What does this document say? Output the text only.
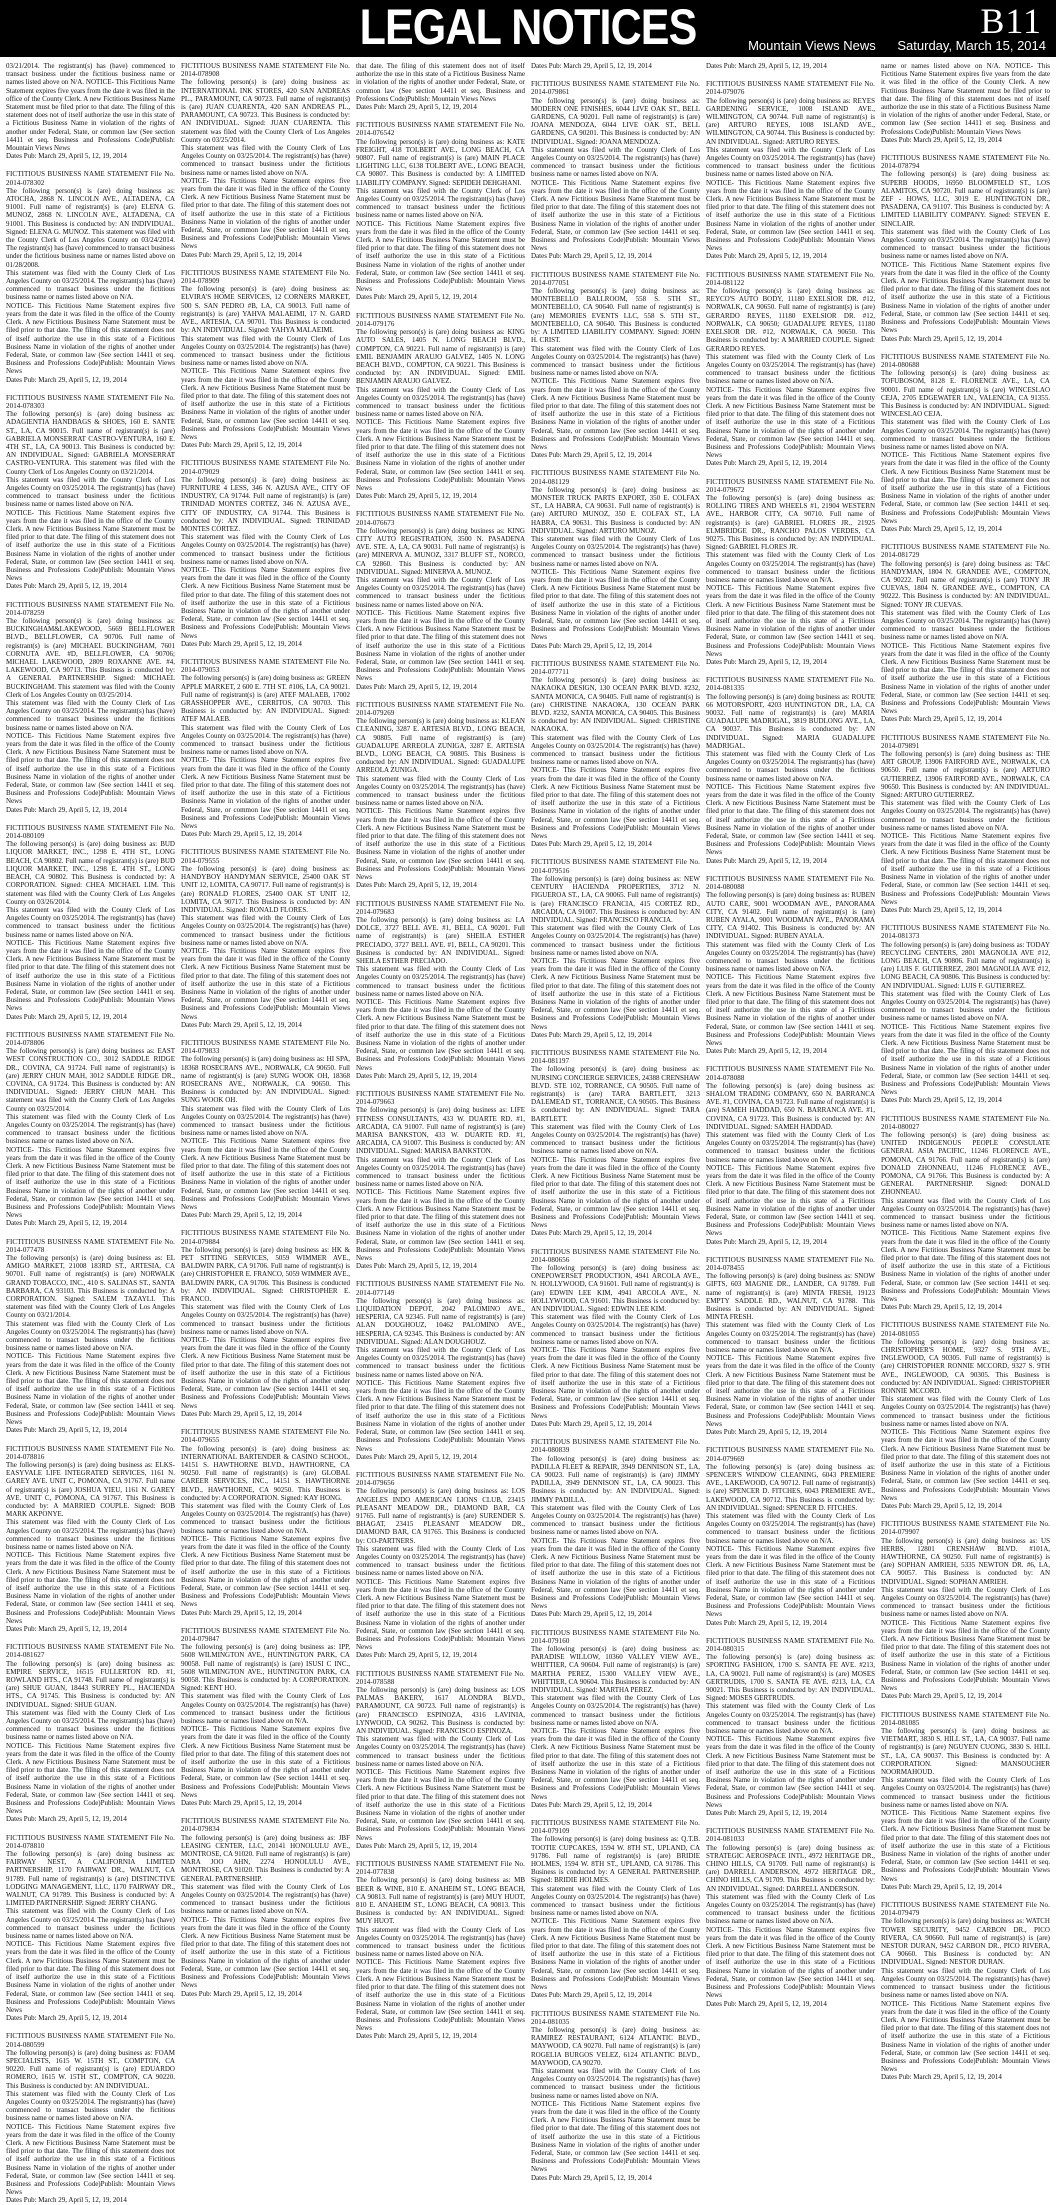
LEGAL NOTICES	B11
Mountain Views News Saturday, March 15, 2014

03/21/2014. The registrant(s) has (have) commenced to transact business under the fictitious business name or names listed above on N/A. NOTICE- This Fictitious Name Statement expires five years from the date it was filed in the office of the County Clerk. A new Fictitious Business Name Statement must be filed prior to that date. The filing of this statement does not of itself authorize the use in this state of a Fictitious Business Name in violation of the rights of another under Federal, State, or common law (See section 14411 et seq. Business and Professions Code)Publish: Mountain Views News
Dates Pub: March 29, April 5, 12, 19, 2014

FICTITIOUS BUSINESS NAME STATEMENT File No. 2014-078302

The following person(s) is (are) doing business as: ATOCHA, 2868 N. LINCOLN AVE., ALTADENA, CA 91001. Full name of registrant(s) is (are) ELENA G. MUNOZ, 2868 N. LINCOLN AVE., ALTADENA, CA 91001. This Business is conducted by: AN INDIVIDUAL. Signed: ELENA G. MUNOZ. This statement was filed with the County Clerk of Los Angeles County on 03/24/2014. The registrant(s) has (have) commenced to transact business under the fictitious business name or names listed above on 01/28/2008.

This statement was filed with the County Clerk of Los Angeles County on 03/25/2014. The registrant(s) has (have) commenced to transact business under the fictitious business name or names listed above on N/A.

NOTICE- This Fictitious Name Statement expires five years from the date it was filed in the office of the County Clerk. A new Fictitious Business Name Statement must be filed prior to that date. The filing of this statement does not of itself authorize the use in this state of a Fictitious Business Name in violation of the rights of another under Federal, State, or common law (See section 14411 et seq. Business and Professions Code)Publish: Mountain Views News

Dates Pub: March 29, April 5, 12, 19, 2014

FICTITIOUS BUSINESS NAME STATEMENT File No. 2014-078303

The following person(s) is (are) doing business as: ADAGIENTIA HANDBAGS & SHOES, 160 E. SANTE ST., LA, CA 90015. Full name of registrant(s) is (are) GABRIELA MONSERRAT CASTRO-VENTURA, 160 E. 4TH ST., LA, CA 90013. This Business is conducted by: AN INDIVIDUAL. Signed: GABRIELA MONSERRAT CASTRO-VENTURA. This statement was filed with the County Clerk of Los Angeles County on 03/21/2014.

This statement was filed with the County Clerk of Los Angeles County on 03/25/2014. The registrant(s) has (have) commenced to transact business under the fictitious business name or names listed above on N/A.

NOTICE- This Fictitious Name Statement expires five years from the date it was filed in the office of the County Clerk. A new Fictitious Business Name Statement must be filed prior to that date. The filing of this statement does not of itself authorize the use in this state of a Fictitious Business Name in violation of the rights of another under Federal, State, or common law (See section 14411 et seq. Business and Professions Code)Publish: Mountain Views News

Dates Pub: March 29, April 5, 12, 19, 2014

FICTITIOUS BUSINESS NAME STATEMENT File No. 2014-078259

The following person(s) is (are) doing business as: BUCKINGHAM&LAKEWOOD, 5669 BELLFLOWER BLVD., BELLFLOWER, CA 90706. Full name of registrant(s) is (are) MICHAEL BUCKINGHAM, 7601 CORNUTA AVE. #D, BELLFLOWER, CA 90706; MICHAEL LAKEWOOD, 2809 ROXANNE AVE. #4, LAKEWOOD, CA 90713. This Business is conducted by: A GENERAL PARTNERSHIP. Signed: MICHAEL BUCKINGHAM. This statement was filed with the County Clerk of Los Angeles County on 03/25/2014.

This statement was filed with the County Clerk of Los Angeles County on 03/25/2014. The registrant(s) has (have) commenced to transact business under the fictitious business name or names listed above on N/A.

NOTICE- This Fictitious Name Statement expires five years from the date it was filed in the office of the County Clerk. A new Fictitious Business Name Statement must be filed prior to that date. The filing of this statement does not of itself authorize the use in this state of a Fictitious Business Name in violation of the rights of another under Federal, State, or common law (See section 14411 et seq. Business and Professions Code)Publish: Mountain Views News

Dates Pub: March 29, April 5, 12, 19, 2014

FICTITIOUS BUSINESS NAME STATEMENT File No. 2014-080109

The following person(s) is (are) doing business as: BUD LIQUOR MARKET, INC., 1298 E. 4TH ST., LONG BEACH, CA 90802. Full name of registrant(s) is (are) BUD LIQUOR MARKET, INC., 1298 E. 4TH ST., LONG BEACH, CA 90802. This Business is conducted by: A CORPORATION. Signed: CHEA MICHAEL LIM. This statement was filed with the County Clerk of Los Angeles County on 03/26/2014.

This statement was filed with the County Clerk of Los Angeles County on 03/25/2014. The registrant(s) has (have) commenced to transact business under the fictitious business name or names listed above on N/A.

NOTICE- This Fictitious Name Statement expires five years from the date it was filed in the office of the County Clerk. A new Fictitious Business Name Statement must be filed prior to that date. The filing of this statement does not of itself authorize the use in this state of a Fictitious Business Name in violation of the rights of another under Federal, State, or common law (See section 14411 et seq. Business and Professions Code)Publish: Mountain Views News

Dates Pub: March 29, April 5, 12, 19, 2014

FICTITIOUS BUSINESS NAME STATEMENT File No. 2014-078806

The following person(s) is (are) doing business as: EAST WEST CONSTRUCTION CO., 3012 SADDLE RIDGE DR., COVINA, CA 91724. Full name of registrant(s) is (are) JERRY CHUN MAH, 3012 SADDLE RIDGE DR., COVINA, CA 91724. This Business is conducted by: AN INDIVIDUAL. Signed: JERRY CHUN MAH. This statement was filed with the County Clerk of Los Angeles County on 03/25/2014.

This statement was filed with the County Clerk of Los Angeles County on 03/25/2014. The registrant(s) has (have) commenced to transact business under the fictitious business name or names listed above on N/A.

NOTICE- This Fictitious Name Statement expires five years from the date it was filed in the office of the County Clerk. A new Fictitious Business Name Statement must be filed prior to that date. The filing of this statement does not of itself authorize the use in this state of a Fictitious Business Name in violation of the rights of another under Federal, State, or common law (See section 14411 et seq. Business and Professions Code)Publish: Mountain Views News

Dates Pub: March 29, April 5, 12, 19, 2014

FICTITIOUS BUSINESS NAME STATEMENT File No. 2014-077478

The following person(s) is (are) doing business as: EL AMIGO MARKET, 21008 183RD ST., ARTESIA, CA 90701. Full name of registrant(s) is (are) NORWALK GRAND TOBACCO, INC., 410 S. SALINAS ST., SANTA BARBARA, CA 93103. This Business is conducted by: A CORPORATION. Signed: SALEM TAZAYLI. This statement was filed with the County Clerk of Los Angeles County on 03/21/2014.

This statement was filed with the County Clerk of Los Angeles County on 03/25/2014. The registrant(s) has (have) commenced to transact business under the fictitious business name or names listed above on N/A.

NOTICE- This Fictitious Name Statement expires five years from the date it was filed in the office of the County Clerk. A new Fictitious Business Name Statement must be filed prior to that date. The filing of this statement does not of itself authorize the use in this state of a Fictitious Business Name in violation of the rights of another under Federal, State, or common law (See section 14411 et seq. Business and Professions Code)Publish: Mountain Views News

Dates Pub: March 29, April 5, 12, 19, 2014

FICTITIOUS BUSINESS NAME STATEMENT File No. 2014-078816

The following person(s) is (are) doing business as: ELKS-EASYVALE LIFE INTEGRATED SERVICES, 1161 N. GAREY AVE. UNIT C, POMONA, CA 91767. Full name of registrant(s) is (are) JOSHUA YIEU, 1161 N. GAREY AVE. UNIT C, POMONA, CA 91767. This Business is conducted by: A MARRIED COUPLE. Signed: BOB MARK AKPONYE.

This statement was filed with the County Clerk of Los Angeles County on 03/25/2014. The registrant(s) has (have) commenced to transact business under the fictitious business name or names listed above on N/A.

NOTICE- This Fictitious Name Statement expires five years from the date it was filed in the office of the County Clerk. A new Fictitious Business Name Statement must be filed prior to that date. The filing of this statement does not of itself authorize the use in this state of a Fictitious Business Name in violation of the rights of another under Federal, State, or common law (See section 14411 et seq. Business and Professions Code)Publish: Mountain Views News

Dates Pub: March 29, April 5, 12, 19, 2014

FICTITIOUS BUSINESS NAME STATEMENT File No. 2014-081627

The following person(s) is (are) doing business as: EMPIRE SERVICE, 16515 FULLERTON RD. #1, ROWLAND HTS., CA 91748. Full name of registrant(s) is (are) SHUE GUAN, 18443 SURREY PL., HACIENDA HTS., CA 91745. This Business is conducted by: AN INDIVIDUAL. Signed: SHUE GUAN.

This statement was filed with the County Clerk of Los Angeles County on 03/25/2014. The registrant(s) has (have) commenced to transact business under the fictitious business name or names listed above on N/A.

NOTICE- This Fictitious Name Statement expires five years from the date it was filed in the office of the County Clerk. A new Fictitious Business Name Statement must be filed prior to that date. The filing of this statement does not of itself authorize the use in this state of a Fictitious Business Name in violation of the rights of another under Federal, State, or common law (See section 14411 et seq. Business and Professions Code)Publish: Mountain Views News

Dates Pub: March 29, April 5, 12, 19, 2014

FICTITIOUS BUSINESS NAME STATEMENT File No. 2014-078810

The following person(s) is (are) doing business as: FAIRWAY NEST, A CALIFORNIA LIMITED PARTNERSHIP, 1170 FAIRWAY DR., WALNUT, CA 91789. Full name of registrant(s) is (are) DISTINCTIVE LODGING MANAGEMENT, LLC, 1170 FAIRWAY DR., WALNUT, CA 91789. This Business is conducted by: A LIMITED PARTNERSHIP. Signed: JERRY CHANG.

This statement was filed with the County Clerk of Los Angeles County on 03/25/2014. The registrant(s) has (have) commenced to transact business under the fictitious business name or names listed above on N/A.

NOTICE- This Fictitious Name Statement expires five years from the date it was filed in the office of the County Clerk. A new Fictitious Business Name Statement must be filed prior to that date. The filing of this statement does not of itself authorize the use in this state of a Fictitious Business Name in violation of the rights of another under Federal, State, or common law (See section 14411 et seq. Business and Professions Code)Publish: Mountain Views News

Dates Pub: March 29, April 5, 12, 19, 2014

FICTITIOUS BUSINESS NAME STATEMENT File No. 2014-080599

The following person(s) is (are) doing business as: FOAM SPECIALISTS, 1615 W. 15TH ST., COMPTON, CA 90220. Full name of registrant(s) is (are) EDUARDO ROMERO, 1615 W. 15TH ST., COMPTON, CA 90220. This Business is conducted by: AN INDIVIDUAL.

This statement was filed with the County Clerk of Los Angeles County on 03/25/2014. The registrant(s) has (have) commenced to transact business under the fictitious business name or names listed above on N/A.

NOTICE- This Fictitious Name Statement expires five years from the date it was filed in the office of the County Clerk. A new Fictitious Business Name Statement must be filed prior to that date. The filing of this statement does not of itself authorize the use in this state of a Fictitious Business Name in violation of the rights of another under Federal, State, or common law (See section 14411 et seq. Business and Professions Code)Publish: Mountain Views News

Dates Pub: March 29, April 5, 12, 19, 2014

FICTITIOUS BUSINESS NAME STATEMENT File No. 2014-078908

The following person(s) is (are) doing business as: INTERNATIONAL INK STORES, 420 SAN ANDREAS PL., PARAMOUNT, CA 90723. Full name of registrant(s) is (are) JUAN CUARENTA, 420 SAN ANDREAS PL., PARAMOUNT, CA 90723. This Business is conducted by: AN INDIVIDUAL. Signed: JUAN CUARENTA. This statement was filed with the County Clerk of Los Angeles County on 03/25/2014.

This statement was filed with the County Clerk of Los Angeles County on 03/25/2014. The registrant(s) has (have) commenced to transact business under the fictitious business name or names listed above on N/A.

NOTICE- This Fictitious Name Statement expires five years from the date it was filed in the office of the County Clerk. A new Fictitious Business Name Statement must be filed prior to that date. The filing of this statement does not of itself authorize the use in this state of a Fictitious Business Name in violation of the rights of another under Federal, State, or common law (See section 14411 et seq. Business and Professions Code)Publish: Mountain Views News

Dates Pub: March 29, April 5, 12, 19, 2014

FICTITIOUS BUSINESS NAME STATEMENT File No. 2014-078909

The following person(s) is (are) doing business as: ELVIRA'S HOME SERVICES, 12 CORNERS MARKET, 500 S. SAN PEDRO #B, LA, CA 90013. Full name of registrant(s) is (are) YAHVA MALAEIMI, 17 N. GARD AVE., ARTESIA, CA 90701. This Business is conducted by: AN INDIVIDUAL. Signed: YAHYA MALAEIMI.

This statement was filed with the County Clerk of Los Angeles County on 03/25/2014. The registrant(s) has (have) commenced to transact business under the fictitious business name or names listed above on N/A.

NOTICE- This Fictitious Name Statement expires five years from the date it was filed in the office of the County Clerk. A new Fictitious Business Name Statement must be filed prior to that date. The filing of this statement does not of itself authorize the use in this state of a Fictitious Business Name in violation of the rights of another under Federal, State, or common law (See section 14411 et seq. Business and Professions Code)Publish: Mountain Views News

Dates Pub: March 29, April 5, 12, 19, 2014

FICTITIOUS BUSINESS NAME STATEMENT File No. 2014-079029

The following person(s) is (are) doing business as: FURNITURE 4 LESS, 346 N. AZUSA AVE., CITY OF INDUSTRY, CA 91744. Full name of registrant(s) is (are) TRINIDAD MONTES CORTEZ, 346 N. AZUSA AVE., CITY OF INDUSTRY, CA 91744. This Business is conducted by: AN INDIVIDUAL. Signed: TRINIDAD MONTES CORTEZ.

This statement was filed with the County Clerk of Los Angeles County on 03/25/2014. The registrant(s) has (have) commenced to transact business under the fictitious business name or names listed above on N/A.

NOTICE- This Fictitious Name Statement expires five years from the date it was filed in the office of the County Clerk. A new Fictitious Business Name Statement must be filed prior to that date. The filing of this statement does not of itself authorize the use in this state of a Fictitious Business Name in violation of the rights of another under Federal, State, or common law (See section 14411 et seq. Business and Professions Code)Publish: Mountain Views News

Dates Pub: March 29, April 5, 12, 19, 2014

FICTITIOUS BUSINESS NAME STATEMENT File No. 2014-079053

The following person(s) is (are) doing business as: GREEN APPLE MARKET, 2 600 E. 7TH ST. #106, LA, CA 90021. Full name of registrant(s) is (are) ATEF MALAEB, 17002 GRASSHOPPER AVE., CERRITOS, CA 90703. This Business is conducted by: AN INDIVIDUAL. Signed: ATEF MALAEB.

This statement was filed with the County Clerk of Los Angeles County on 03/25/2014. The registrant(s) has (have) commenced to transact business under the fictitious business name or names listed above on N/A.

NOTICE- This Fictitious Name Statement expires five years from the date it was filed in the office of the County Clerk. A new Fictitious Business Name Statement must be filed prior to that date. The filing of this statement does not of itself authorize the use in this state of a Fictitious Business Name in violation of the rights of another under Federal, State, or common law (See section 14411 et seq. Business and Professions Code)Publish: Mountain Views News

Dates Pub: March 29, April 5, 12, 19, 2014

FICTITIOUS BUSINESS NAME STATEMENT File No. 2014-079555

The following person(s) is (are) doing business as: HANDYBOY HANDYMAN SERVICE, 25400 OAK ST UNIT 12, LOMITA, CA 90717. Full name of registrant(s) is (are) RONALD FLORES, 25400 OAK ST UNIT 12, LOMITA, CA 90717. This Business is conducted by: AN INDIVIDUAL. Signed: RONALD FLORES.

This statement was filed with the County Clerk of Los Angeles County on 03/25/2014. The registrant(s) has (have) commenced to transact business under the fictitious business name or names listed above on N/A.

NOTICE- This Fictitious Name Statement expires five years from the date it was filed in the office of the County Clerk. A new Fictitious Business Name Statement must be filed prior to that date. The filing of this statement does not of itself authorize the use in this state of a Fictitious Business Name in violation of the rights of another under Federal, State, or common law (See section 14411 et seq. Business and Professions Code)Publish: Mountain Views News

Dates Pub: March 29, April 5, 12, 19, 2014

FICTITIOUS BUSINESS NAME STATEMENT File No. 2014-079833

The following person(s) is (are) doing business as: HI SPA, 18368 ROSECRANS AVE., NORWALK, CA 90650. Full name of registrant(s) is (are) SUNG WOOK OH, 18368 ROSECRANS AVE., NORWALK, CA 90650. This Business is conducted by: AN INDIVIDUAL. Signed: SUNG WOOK OH.

This statement was filed with the County Clerk of Los Angeles County on 03/25/2014. The registrant(s) has (have) commenced to transact business under the fictitious business name or names listed above on N/A.

NOTICE- This Fictitious Name Statement expires five years from the date it was filed in the office of the County Clerk. A new Fictitious Business Name Statement must be filed prior to that date. The filing of this statement does not of itself authorize the use in this state of a Fictitious Business Name in violation of the rights of another under Federal, State, or common law (See section 14411 et seq. Business and Professions Code)Publish: Mountain Views News

Dates Pub: March 29, April 5, 12, 19, 2014

FICTITIOUS BUSINESS NAME STATEMENT File No. 2014-079884

The following person(s) is (are) doing business as: HK & PET SITTING SERVICES, 5059 WIMMER AVE., BALDWIN PARK, CA 91706. Full name of registrant(s) is (are) CHRISTOPHER E. FRANCO, 5059 WIMMER AVE., BALDWIN PARK, CA 91706. This Business is conducted by: AN INDIVIDUAL. Signed: CHRISTOPHER E. FRANCO.

This statement was filed with the County Clerk of Los Angeles County on 03/25/2014. The registrant(s) has (have) commenced to transact business under the fictitious business name or names listed above on N/A.

NOTICE- This Fictitious Name Statement expires five years from the date it was filed in the office of the County Clerk. A new Fictitious Business Name Statement must be filed prior to that date. The filing of this statement does not of itself authorize the use in this state of a Fictitious Business Name in violation of the rights of another under Federal, State, or common law (See section 14411 et seq. Business and Professions Code)Publish: Mountain Views News

Dates Pub: March 29, April 5, 12, 19, 2014

FICTITIOUS BUSINESS NAME STATEMENT File No. 2014-079655

The following person(s) is (are) doing business as: INTERNATIONAL BARTENDER & CASINO SCHOOL, 14151 S. HAWTHORNE BLVD., HAWTHORNE, CA 90250. Full name of registrant(s) is (are) GLOBAL CAREER SERVICES, INC., 14151 S. HAWTHORNE BLVD., HAWTHORNE, CA 90250. This Business is conducted by: A CORPORATION. Signed: KAY HONG.

This statement was filed with the County Clerk of Los Angeles County on 03/25/2014. The registrant(s) has (have) commenced to transact business under the fictitious business name or names listed above on N/A.

NOTICE- This Fictitious Name Statement expires five years from the date it was filed in the office of the County Clerk. A new Fictitious Business Name Statement must be filed prior to that date. The filing of this statement does not of itself authorize the use in this state of a Fictitious Business Name in violation of the rights of another under Federal, State, or common law (See section 14411 et seq. Business and Professions Code)Publish: Mountain Views News

Dates Pub: March 29, April 5, 12, 19, 2014

FICTITIOUS BUSINESS NAME STATEMENT File No. 2014-079847

The following person(s) is (are) doing business as: IPP, 5608 WILMINGTON AVE., HUNTINGTON PARK, CA 90058. Full name of registrant(s) is (are) ISUSI C INC., 5608 WILMINGTON AVE., HUNTINGTON PARK, CA 90058. This Business is conducted by: A CORPORATION. Signed: KENT HO.

This statement was filed with the County Clerk of Los Angeles County on 03/25/2014. The registrant(s) has (have) commenced to transact business under the fictitious business name or names listed above on N/A.

NOTICE- This Fictitious Name Statement expires five years from the date it was filed in the office of the County Clerk. A new Fictitious Business Name Statement must be filed prior to that date. The filing of this statement does not of itself authorize the use in this state of a Fictitious Business Name in violation of the rights of another under Federal, State, or common law (See section 14411 et seq. Business and Professions Code)Publish: Mountain Views News

Dates Pub: March 29, April 5, 12, 19, 2014

FICTITIOUS BUSINESS NAME STATEMENT File No. 2014-079834

The following person(s) is (are) doing business as: JBF LEASING CENTER, LLC, 20141 HONOLULU AVE., MONTROSE, CA 91020. Full name of registrant(s) is (are) NARA JOO AHN, 2274 HONOLULU AVE., MONTROSE, CA 91020. This Business is conducted by: A GENERAL PARTNERSHIP.

This statement was filed with the County Clerk of Los Angeles County on 03/25/2014. The registrant(s) has (have) commenced to transact business under the fictitious business name or names listed above on N/A.

NOTICE- This Fictitious Name Statement expires five years from the date it was filed in the office of the County Clerk. A new Fictitious Business Name Statement must be filed prior to that date. The filing of this statement does not of itself authorize the use in this state of a Fictitious Business Name in violation of the rights of another under Federal, State, or common law (See section 14411 et seq. Business and Professions Code)Publish: Mountain Views News

Dates Pub: March 29, April 5, 12, 19, 2014

that date. The filing of this statement does not of itself authorize the use in this state of a Fictitious Business Name in violation of the rights of another under Federal, State, or common law (See section 14411 et seq. Business and Professions Code)Publish: Mountain Views News
Dates Pub: March 29, April 5, 12, 19, 2014

FICTITIOUS BUSINESS NAME STATEMENT File No. 2014-076542

The following person(s) is (are) doing business as: KATE FREIGHT, 418 TOLBERT AVE., LONG BEACH, CA 90807. Full name of registrant(s) is (are) MAIN PLACE LIGHTING LLC, 6138 TOLBERT AVE., LONG BEACH, CA 90807. This Business is conducted by: A LIMITED LIABILITY COMPANY. Signed: SEPIDEH DEHGHANI.

This statement was filed with the County Clerk of Los Angeles County on 03/25/2014. The registrant(s) has (have) commenced to transact business under the fictitious business name or names listed above on N/A.

NOTICE- This Fictitious Name Statement expires five years from the date it was filed in the office of the County Clerk. A new Fictitious Business Name Statement must be filed prior to that date. The filing of this statement does not of itself authorize the use in this state of a Fictitious Business Name in violation of the rights of another under Federal, State, or common law (See section 14411 et seq. Business and Professions Code)Publish: Mountain Views News

Dates Pub: March 29, April 5, 12, 19, 2014

FICTITIOUS BUSINESS NAME STATEMENT File No. 2014-079176

The following person(s) is (are) doing business as: KING AUTO SALES, 1405 N. LONG BEACH BLVD., COMPTON, CA 90221. Full name of registrant(s) is (are) EMIL BENJAMIN ARAUJO GALVEZ, 1405 N. LONG BEACH BLVD., COMPTON, CA 90221. This Business is conducted by: AN INDIVIDUAL. Signed: EMIL BENJAMIN ARAUJO GALVEZ.

This statement was filed with the County Clerk of Los Angeles County on 03/25/2014. The registrant(s) has (have) commenced to transact business under the fictitious business name or names listed above on N/A.

NOTICE- This Fictitious Name Statement expires five years from the date it was filed in the office of the County Clerk. A new Fictitious Business Name Statement must be filed prior to that date. The filing of this statement does not of itself authorize the use in this state of a Fictitious Business Name in violation of the rights of another under Federal, State, or common law (See section 14411 et seq. Business and Professions Code)Publish: Mountain Views News

Dates Pub: March 29, April 5, 12, 19, 2014

FICTITIOUS BUSINESS NAME STATEMENT File No. 2014-076673

The following person(s) is (are) doing business as: KING CITY AUTO REGISTRATION, 3500 N. PASADENA AVE. STE. A, LA, CA 90031. Full name of registrant(s) is (are) MINERVA A. MUNOZ, 3317 BLUFF ST., NORCO, CA 92860. This Business is conducted by: AN INDIVIDUAL. Signed: MINERVA A. MUNOZ.

This statement was filed with the County Clerk of Los Angeles County on 03/25/2014. The registrant(s) has (have) commenced to transact business under the fictitious business name or names listed above on N/A.

NOTICE- This Fictitious Name Statement expires five years from the date it was filed in the office of the County Clerk. A new Fictitious Business Name Statement must be filed prior to that date. The filing of this statement does not of itself authorize the use in this state of a Fictitious Business Name in violation of the rights of another under Federal, State, or common law (See section 14411 et seq. Business and Professions Code)Publish: Mountain Views News

Dates Pub: March 29, April 5, 12, 19, 2014

FICTITIOUS BUSINESS NAME STATEMENT File No. 2014-079269

The following person(s) is (are) doing business as: KLEAN CLEANING, 3287 E. ARTESIA BLVD., LONG BEACH, CA 90805. Full name of registrant(s) is (are) GUADALUPE ARREOLA ZUNIGA, 3287 E. ARTESIA BLVD., LONG BEACH, CA 90805. This Business is conducted by: AN INDIVIDUAL. Signed: GUADALUPE ARREOLA ZUNIGA.

This statement was filed with the County Clerk of Los Angeles County on 03/25/2014. The registrant(s) has (have) commenced to transact business under the fictitious business name or names listed above on N/A.

NOTICE- This Fictitious Name Statement expires five years from the date it was filed in the office of the County Clerk. A new Fictitious Business Name Statement must be filed prior to that date. The filing of this statement does not of itself authorize the use in this state of a Fictitious Business Name in violation of the rights of another under Federal, State, or common law (See section 14411 et seq. Business and Professions Code)Publish: Mountain Views News

Dates Pub: March 29, April 5, 12, 19, 2014

FICTITIOUS BUSINESS NAME STATEMENT File No. 2014-079683

The following person(s) is (are) doing business as: LA DOLCE, 3727 BELL AVE. #1, BELL, CA 90201. Full name of registrant(s) is (are) SHEILA ESTHER PRECIADO, 3727 BELL AVE. #1, BELL, CA 90201. This Business is conducted by: AN INDIVIDUAL. Signed: SHEILA ESTHER PRECIADO.

This statement was filed with the County Clerk of Los Angeles County on 03/25/2014. The registrant(s) has (have) commenced to transact business under the fictitious business name or names listed above on N/A.

NOTICE- This Fictitious Name Statement expires five years from the date it was filed in the office of the County Clerk. A new Fictitious Business Name Statement must be filed prior to that date. The filing of this statement does not of itself authorize the use in this state of a Fictitious Business Name in violation of the rights of another under Federal, State, or common law (See section 14411 et seq. Business and Professions Code)Publish: Mountain Views News

Dates Pub: March 29, April 5, 12, 19, 2014

FICTITIOUS BUSINESS NAME STATEMENT File No. 2014-079663

The following person(s) is (are) doing business as: LIFE FITNESS CONSULTANTS, 433 W. DUARTE RD. #1, ARCADIA, CA 91007. Full name of registrant(s) is (are) MARISA BANKSTON, 433 W. DUARTE RD. #1, ARCADIA, CA 91007. This Business is conducted by: AN INDIVIDUAL. Signed: MARISA BANKSTON.

This statement was filed with the County Clerk of Los Angeles County on 03/25/2014. The registrant(s) has (have) commenced to transact business under the fictitious business name or names listed above on N/A.

NOTICE- This Fictitious Name Statement expires five years from the date it was filed in the office of the County Clerk. A new Fictitious Business Name Statement must be filed prior to that date. The filing of this statement does not of itself authorize the use in this state of a Fictitious Business Name in violation of the rights of another under Federal, State, or common law (See section 14411 et seq. Business and Professions Code)Publish: Mountain Views News

Dates Pub: March 29, April 5, 12, 19, 2014

FICTITIOUS BUSINESS NAME STATEMENT File No. 2014-077149

The following person(s) is (are) doing business as: LIQUIDATION DEPOT, 2042 PALOMINO AVE., HESPERIA, CA 92345. Full name of registrant(s) is (are) ALAN DOUGHOUZ, 10462 PALOMINO AVE., HESPERIA, CA 92345. This Business is conducted by: AN INDIVIDUAL. Signed: ALAN DOUGHOUZ.

This statement was filed with the County Clerk of Los Angeles County on 03/25/2014. The registrant(s) has (have) commenced to transact business under the fictitious business name or names listed above on N/A.

NOTICE- This Fictitious Name Statement expires five years from the date it was filed in the office of the County Clerk. A new Fictitious Business Name Statement must be filed prior to that date. The filing of this statement does not of itself authorize the use in this state of a Fictitious Business Name in violation of the rights of another under Federal, State, or common law (See section 14411 et seq. Business and Professions Code)Publish: Mountain Views News

Dates Pub: March 29, April 5, 12, 19, 2014

FICTITIOUS BUSINESS NAME STATEMENT File No. 2014-079656

The following person(s) is (are) doing business as: LOS ANGELES INDO AMERICAN LIONS CLUB, 23415 PLEASANT MEADOW DR., DIAMOND BAR, CA 91765. Full name of registrant(s) is (are) SURENDER S. BHAGAT, 23415 PLEASANT MEADOW DR., DIAMOND BAR, CA 91765. This Business is conducted by: CO-PARTNERS.

This statement was filed with the County Clerk of Los Angeles County on 03/25/2014. The registrant(s) has (have) commenced to transact business under the fictitious business name or names listed above on N/A.

NOTICE- This Fictitious Name Statement expires five years from the date it was filed in the office of the County Clerk. A new Fictitious Business Name Statement must be filed prior to that date. The filing of this statement does not of itself authorize the use in this state of a Fictitious Business Name in violation of the rights of another under Federal, State, or common law (See section 14411 et seq. Business and Professions Code)Publish: Mountain Views News

Dates Pub: March 29, April 5, 12, 19, 2014

FICTITIOUS BUSINESS NAME STATEMENT File No. 2014-078588

The following person(s) is (are) doing business as: LOS PALMAS BAKERY, 1617 ALONDRA BLVD., PARAMOUNT, CA 90723. Full name of registrant(s) is (are) FRANCISCO ESPINOZA, 4316 LAVINIA, LYNWOOD, CA 90262. This Business is conducted by: AN INDIVIDUAL. Signed: FRANCISCO ESPINOZA.

This statement was filed with the County Clerk of Los Angeles County on 03/25/2014. The registrant(s) has (have) commenced to transact business under the fictitious business name or names listed above on N/A.

NOTICE- This Fictitious Name Statement expires five years from the date it was filed in the office of the County Clerk. A new Fictitious Business Name Statement must be filed prior to that date. The filing of this statement does not of itself authorize the use in this state of a Fictitious Business Name in violation of the rights of another under Federal, State, or common law (See section 14411 et seq. Business and Professions Code)Publish: Mountain Views News

Dates Pub: March 29, April 5, 12, 19, 2014

FICTITIOUS BUSINESS NAME STATEMENT File No. 2014-077838

The following person(s) is (are) doing business as: MB BEER & WINE, 810 E. ANAHEIM ST., LONG BEACH, CA 90813. Full name of registrant(s) is (are) MUY HUOT, 810 E. ANAHEIM ST., LONG BEACH, CA 90813. This Business is conducted by: AN INDIVIDUAL. Signed: MUY HUOT.

This statement was filed with the County Clerk of Los Angeles County on 03/25/2014. The registrant(s) has (have) commenced to transact business under the fictitious business name or names listed above on N/A.

NOTICE- This Fictitious Name Statement expires five years from the date it was filed in the office of the County Clerk. A new Fictitious Business Name Statement must be filed prior to that date. The filing of this statement does not of itself authorize the use in this state of a Fictitious Business Name in violation of the rights of another under Federal, State, or common law (See section 14411 et seq. Business and Professions Code)Publish: Mountain Views News

Dates Pub: March 29, April 5, 12, 19, 2014

Dates Pub: March 29, April 5, 12, 19, 2014

FICTITIOUS BUSINESS NAME STATEMENT File No. 2014-079861

The following person(s) is (are) doing business as: MODERN ONE FINISHES, 6044 LIVE OAK ST., BELL GARDENS, CA 90201. Full name of registrant(s) is (are) JOANA MENDOZA, 6044 LIVE OAK ST., BELL GARDENS, CA 90201. This Business is conducted by: AN INDIVIDUAL. Signed: JOANA MENDOZA.

This statement was filed with the County Clerk of Los Angeles County on 03/25/2014. The registrant(s) has (have) commenced to transact business under the fictitious business name or names listed above on N/A.

NOTICE- This Fictitious Name Statement expires five years from the date it was filed in the office of the County Clerk. A new Fictitious Business Name Statement must be filed prior to that date. The filing of this statement does not of itself authorize the use in this state of a Fictitious Business Name in violation of the rights of another under Federal, State, or common law (See section 14411 et seq. Business and Professions Code)Publish: Mountain Views News

Dates Pub: March 29, April 5, 12, 19, 2014

FICTITIOUS BUSINESS NAME STATEMENT File No. 2014-077051

The following person(s) is (are) doing business as: MONTEBELLO BALLROOM, 558 S. 5TH ST., MONTEBELLO, CA 90640. Full name of registrant(s) is (are) MEMORIES EVENTS LLC, 558 S. 5TH ST., MONTEBELLO, CA 90640. This Business is conducted by: A LIMITED LIABILITY COMPANY. Signed: JOHN H. CRIST.

This statement was filed with the County Clerk of Los Angeles County on 03/25/2014. The registrant(s) has (have) commenced to transact business under the fictitious business name or names listed above on N/A.

NOTICE- This Fictitious Name Statement expires five years from the date it was filed in the office of the County Clerk. A new Fictitious Business Name Statement must be filed prior to that date. The filing of this statement does not of itself authorize the use in this state of a Fictitious Business Name in violation of the rights of another under Federal, State, or common law (See section 14411 et seq. Business and Professions Code)Publish: Mountain Views News

Dates Pub: March 29, April 5, 12, 19, 2014

FICTITIOUS BUSINESS NAME STATEMENT File No. 2014-081129

The following person(s) is (are) doing business as: MONSTER TRUCK PARTS EXPORT, 350 E. COLFAX ST., LA HABRA, CA 90631. Full name of registrant(s) is (are) ARTURO MUNOZ, 350 E. COLFAX ST., LA HABRA, CA 90631. This Business is conducted by: AN INDIVIDUAL. Signed: ARTURO MUNOZ.

This statement was filed with the County Clerk of Los Angeles County on 03/25/2014. The registrant(s) has (have) commenced to transact business under the fictitious business name or names listed above on N/A.

NOTICE- This Fictitious Name Statement expires five years from the date it was filed in the office of the County Clerk. A new Fictitious Business Name Statement must be filed prior to that date. The filing of this statement does not of itself authorize the use in this state of a Fictitious Business Name in violation of the rights of another under Federal, State, or common law (See section 14411 et seq. Business and Professions Code)Publish: Mountain Views News

Dates Pub: March 29, April 5, 12, 19, 2014

FICTITIOUS BUSINESS NAME STATEMENT File No. 2014-077711

The following person(s) is (are) doing business as: NAKAOKA DESIGN, 130 OCEAN PARK BLVD. #232, SANTA MONICA, CA 90405. Full name of registrant(s) is (are) CHRISTINE NAKAOKA, 130 OCEAN PARK BLVD. #232, SANTA MONICA, CA 90405. This Business is conducted by: AN INDIVIDUAL. Signed: CHRISTINE NAKAOKA.

This statement was filed with the County Clerk of Los Angeles County on 03/25/2014. The registrant(s) has (have) commenced to transact business under the fictitious business name or names listed above on N/A.

NOTICE- This Fictitious Name Statement expires five years from the date it was filed in the office of the County Clerk. A new Fictitious Business Name Statement must be filed prior to that date. The filing of this statement does not of itself authorize the use in this state of a Fictitious Business Name in violation of the rights of another under Federal, State, or common law (See section 14411 et seq. Business and Professions Code)Publish: Mountain Views News

Dates Pub: March 29, April 5, 12, 19, 2014

FICTITIOUS BUSINESS NAME STATEMENT File No. 2014-079516

The following person(s) is (are) doing business as: NEW CENTURY HACIENDA PROPERTIES, 3712 N. FIGUEROA ST., LA, CA 90065. Full name of registrant(s) is (are) FRANCISCO FRANCIA, 415 CORTEZ RD., ARCADIA, CA 91007. This Business is conducted by: AN INDIVIDUAL. Signed: FRANCISCO FRANCIA.

This statement was filed with the County Clerk of Los Angeles County on 03/25/2014. The registrant(s) has (have) commenced to transact business under the fictitious business name or names listed above on N/A.

NOTICE- This Fictitious Name Statement expires five years from the date it was filed in the office of the County Clerk. A new Fictitious Business Name Statement must be filed prior to that date. The filing of this statement does not of itself authorize the use in this state of a Fictitious Business Name in violation of the rights of another under Federal, State, or common law (See section 14411 et seq. Business and Professions Code)Publish: Mountain Views News

Dates Pub: March 29, April 5, 12, 19, 2014

FICTITIOUS BUSINESS NAME STATEMENT File No. 2014-081197

The following person(s) is (are) doing business as: NURSING CONCIERGE SERVICES, 24388 CRENSHAW BLVD. STE 102, TORRANCE, CA 90505. Full name of registrant(s) is (are) TARA BARTLETT, 3213 DALEMEAD ST., TORRANCE, CA 90505. This Business is conducted by: AN INDIVIDUAL. Signed: TARA BARTLETT.

This statement was filed with the County Clerk of Los Angeles County on 03/25/2014. The registrant(s) has (have) commenced to transact business under the fictitious business name or names listed above on N/A.

NOTICE- This Fictitious Name Statement expires five years from the date it was filed in the office of the County Clerk. A new Fictitious Business Name Statement must be filed prior to that date. The filing of this statement does not of itself authorize the use in this state of a Fictitious Business Name in violation of the rights of another under Federal, State, or common law (See section 14411 et seq. Business and Professions Code)Publish: Mountain Views News

Dates Pub: March 29, April 5, 12, 19, 2014

FICTITIOUS BUSINESS NAME STATEMENT File No. 2014-080656

The following person(s) is (are) doing business as: ONEPOWERSET PRODUCTION, 4941 ARCOLA AVE., N. HOLLYWOOD, CA 91601. Full name of registrant(s) is (are) EDWIN LEE KIM, 4941 ARCOLA AVE., N. HOLLYWOOD, CA 91601. This Business is conducted by: AN INDIVIDUAL. Signed: EDWIN LEE KIM.

This statement was filed with the County Clerk of Los Angeles County on 03/25/2014. The registrant(s) has (have) commenced to transact business under the fictitious business name or names listed above on N/A.

NOTICE- This Fictitious Name Statement expires five years from the date it was filed in the office of the County Clerk. A new Fictitious Business Name Statement must be filed prior to that date. The filing of this statement does not of itself authorize the use in this state of a Fictitious Business Name in violation of the rights of another under Federal, State, or common law (See section 14411 et seq. Business and Professions Code)Publish: Mountain Views News

Dates Pub: March 29, April 5, 12, 19, 2014

FICTITIOUS BUSINESS NAME STATEMENT File No. 2014-080839

The following person(s) is (are) doing business as: PADILLA FLEET & REPAIR, 3949 DENNISON ST., LA, CA 90023. Full name of registrant(s) is (are) JIMMY PADILLA, 3949 DENNISON ST., LA, CA 90023. This Business is conducted by: AN INDIVIDUAL. Signed: JIMMY PADILLA.

This statement was filed with the County Clerk of Los Angeles County on 03/25/2014. The registrant(s) has (have) commenced to transact business under the fictitious business name or names listed above on N/A.

NOTICE- This Fictitious Name Statement expires five years from the date it was filed in the office of the County Clerk. A new Fictitious Business Name Statement must be filed prior to that date. The filing of this statement does not of itself authorize the use in this state of a Fictitious Business Name in violation of the rights of another under Federal, State, or common law (See section 14411 et seq. Business and Professions Code)Publish: Mountain Views News

Dates Pub: March 29, April 5, 12, 19, 2014

FICTITIOUS BUSINESS NAME STATEMENT File No. 2014-079160

The following person(s) is (are) doing business as: PARADISE WILLOW, 10360 VALLEY VIEW AVE., WHITTIER, CA 90604. Full name of registrant(s) is (are) MARTHA PEREZ, 15300 VALLEY VIEW AVE., WHITTIER, CA 90604. This Business is conducted by: AN INDIVIDUAL. Signed: MARTHA PEREZ.

This statement was filed with the County Clerk of Los Angeles County on 03/25/2014. The registrant(s) has (have) commenced to transact business under the fictitious business name or names listed above on N/A.

NOTICE- This Fictitious Name Statement expires five years from the date it was filed in the office of the County Clerk. A new Fictitious Business Name Statement must be filed prior to that date. The filing of this statement does not of itself authorize the use in this state of a Fictitious Business Name in violation of the rights of another under Federal, State, or common law (See section 14411 et seq. Business and Professions Code)Publish: Mountain Views News

Dates Pub: March 29, April 5, 12, 19, 2014

FICTITIOUS BUSINESS NAME STATEMENT File No. 2014-079109

The following person(s) is (are) doing business as: Q.T.B. TOOTIE CUPCAKES, 1594 W. 8TH ST., UPLAND, CA 91786. Full name of registrant(s) is (are) BRIDIE HOLMES, 1594 W. 8TH ST., UPLAND, CA 91786. This Business is conducted by: A GENERAL PARTNERSHIP. Signed: BRIDIE HOLMES.

This statement was filed with the County Clerk of Los Angeles County on 03/25/2014. The registrant(s) has (have) commenced to transact business under the fictitious business name or names listed above on N/A.

NOTICE- This Fictitious Name Statement expires five years from the date it was filed in the office of the County Clerk. A new Fictitious Business Name Statement must be filed prior to that date. The filing of this statement does not of itself authorize the use in this state of a Fictitious Business Name in violation of the rights of another under Federal, State, or common law (See section 14411 et seq. Business and Professions Code)Publish: Mountain Views News

Dates Pub: March 29, April 5, 12, 19, 2014

FICTITIOUS BUSINESS NAME STATEMENT File No. 2014-081035

The following person(s) is (are) doing business as: RAMIREZ RESTAURANT, 6124 ATLANTIC BLVD., MAYWOOD, CA 90270. Full name of registrant(s) is (are) ROGELIA BURGOS VELEZ, 6124 ATLANTIC BLVD., MAYWOOD, CA 90270.

This statement was filed with the County Clerk of Los Angeles County on 03/25/2014. The registrant(s) has (have) commenced to transact business under the fictitious business name or names listed above on N/A.

NOTICE- This Fictitious Name Statement expires five years from the date it was filed in the office of the County Clerk. A new Fictitious Business Name Statement must be filed prior to that date. The filing of this statement does not of itself authorize the use in this state of a Fictitious Business Name in violation of the rights of another under Federal, State, or common law (See section 14411 et seq. Business and Professions Code)Publish: Mountain Views News

Dates Pub: March 29, April 5, 12, 19, 2014

Dates Pub: March 29, April 5, 12, 19, 2014

FICTITIOUS BUSINESS NAME STATEMENT File No. 2014-079076

The following person(s) is (are) doing business as: REYES GARDENING SERVICE, 1008 ISLAND AVE., WILMINGTON, CA 90744. Full name of registrant(s) is (are) ARTURO REYES, 1008 ISLAND AVE., WILMINGTON, CA 90744. This Business is conducted by: AN INDIVIDUAL. Signed: ARTURO REYES.

This statement was filed with the County Clerk of Los Angeles County on 03/25/2014. The registrant(s) has (have) commenced to transact business under the fictitious business name or names listed above on N/A.

NOTICE- This Fictitious Name Statement expires five years from the date it was filed in the office of the County Clerk. A new Fictitious Business Name Statement must be filed prior to that date. The filing of this statement does not of itself authorize the use in this state of a Fictitious Business Name in violation of the rights of another under Federal, State, or common law (See section 14411 et seq. Business and Professions Code)Publish: Mountain Views News

Dates Pub: March 29, April 5, 12, 19, 2014

FICTITIOUS BUSINESS NAME STATEMENT File No. 2014-081122

The following person(s) is (are) doing business as: REYCO'S AUTO BODY, 11180 EXELSIOR DR. #12, NORWALK, CA 90650. Full name of registrant(s) is (are) GERARDO REYES, 11180 EXELSIOR DR. #12, NORWALK, CA 90650; GUADALUPE REYES, 11180 EXELSIOR DR. #12, NORWALK, CA 90650. This Business is conducted by: A MARRIED COUPLE. Signed: GERARDO REYES.

This statement was filed with the County Clerk of Los Angeles County on 03/25/2014. The registrant(s) has (have) commenced to transact business under the fictitious business name or names listed above on N/A.

NOTICE- This Fictitious Name Statement expires five years from the date it was filed in the office of the County Clerk. A new Fictitious Business Name Statement must be filed prior to that date. The filing of this statement does not of itself authorize the use in this state of a Fictitious Business Name in violation of the rights of another under Federal, State, or common law (See section 14411 et seq. Business and Professions Code)Publish: Mountain Views News

Dates Pub: March 29, April 5, 12, 19, 2014

FICTITIOUS BUSINESS NAME STATEMENT File No. 2014-079672

The following person(s) is (are) doing business as: ROLLING TIRES AND WHEELS #1, 21904 WESTERN AVE., HARBOR CITY, CA 90710. Full name of registrant(s) is (are) GABRIEL FLORES JR., 21925 ELMBRIDGE DR., RANCHO PALOS VERDES, CA 90275. This Business is conducted by: AN INDIVIDUAL. Signed: GABRIEL FLORES JR.

This statement was filed with the County Clerk of Los Angeles County on 03/25/2014. The registrant(s) has (have) commenced to transact business under the fictitious business name or names listed above on N/A.

NOTICE- This Fictitious Name Statement expires five years from the date it was filed in the office of the County Clerk. A new Fictitious Business Name Statement must be filed prior to that date. The filing of this statement does not of itself authorize the use in this state of a Fictitious Business Name in violation of the rights of another under Federal, State, or common law (See section 14411 et seq. Business and Professions Code)Publish: Mountain Views News

Dates Pub: March 29, April 5, 12, 19, 2014

FICTITIOUS BUSINESS NAME STATEMENT File No. 2014-081335

The following person(s) is (are) doing business as: ROUTE 66 MOTORSPORT, 4203 HUNTINGTON DR., LA, CA 90032. Full name of registrant(s) is (are) MARIA GUADALUPE MADRIGAL, 3819 BUDLONG AVE., LA, CA 90037. This Business is conducted by: AN INDIVIDUAL. Signed: MARIA GUADALUPE MADRIGAL.

This statement was filed with the County Clerk of Los Angeles County on 03/25/2014. The registrant(s) has (have) commenced to transact business under the fictitious business name or names listed above on N/A.

NOTICE- This Fictitious Name Statement expires five years from the date it was filed in the office of the County Clerk. A new Fictitious Business Name Statement must be filed prior to that date. The filing of this statement does not of itself authorize the use in this state of a Fictitious Business Name in violation of the rights of another under Federal, State, or common law (See section 14411 et seq. Business and Professions Code)Publish: Mountain Views News

Dates Pub: March 29, April 5, 12, 19, 2014

FICTITIOUS BUSINESS NAME STATEMENT File No. 2014-080088

The following person(s) is (are) doing business as: RUBEN AUTO CARE, 9001 WOODMAN AVE., PANORAMA CITY, CA 91402. Full name of registrant(s) is (are) RUBEN AYALA, 9001 WOODMAN AVE., PANORAMA CITY, CA 91402. This Business is conducted by: AN INDIVIDUAL. Signed: RUBEN AYALA.

This statement was filed with the County Clerk of Los Angeles County on 03/25/2014. The registrant(s) has (have) commenced to transact business under the fictitious business name or names listed above on N/A.

NOTICE- This Fictitious Name Statement expires five years from the date it was filed in the office of the County Clerk. A new Fictitious Business Name Statement must be filed prior to that date. The filing of this statement does not of itself authorize the use in this state of a Fictitious Business Name in violation of the rights of another under Federal, State, or common law (See section 14411 et seq. Business and Professions Code)Publish: Mountain Views News

Dates Pub: March 29, April 5, 12, 19, 2014

FICTITIOUS BUSINESS NAME STATEMENT File No. 2014-078088

The following person(s) is (are) doing business as: SHALOM TRADING COMPANY, 650 N. BARRANCA AVE. #1, COVINA, CA 91723. Full name of registrant(s) is (are) SAMEH HADDAD, 650 N. BARRANCA AVE. #1, COVINA, CA 91723. This Business is conducted by: AN INDIVIDUAL. Signed: SAMEH HADDAD.

This statement was filed with the County Clerk of Los Angeles County on 03/25/2014. The registrant(s) has (have) commenced to transact business under the fictitious business name or names listed above on N/A.

NOTICE- This Fictitious Name Statement expires five years from the date it was filed in the office of the County Clerk. A new Fictitious Business Name Statement must be filed prior to that date. The filing of this statement does not of itself authorize the use in this state of a Fictitious Business Name in violation of the rights of another under Federal, State, or common law (See section 14411 et seq. Business and Professions Code)Publish: Mountain Views News

Dates Pub: March 29, April 5, 12, 19, 2014

FICTITIOUS BUSINESS NAME STATEMENT File No. 2014-078455

The following person(s) is (are) doing business as: SNOW GIFTS, 603 MAGNIE DR., LANDER, CA 91789. Full name of registrant(s) is (are) MINTA FRESH, 19123 EMPTY SADDLE RD., WALNUT, CA 91788. This Business is conducted by: AN INDIVIDUAL. Signed: MINTA FRESH.

This statement was filed with the County Clerk of Los Angeles County on 03/25/2014. The registrant(s) has (have) commenced to transact business under the fictitious business name or names listed above on N/A.

NOTICE- This Fictitious Name Statement expires five years from the date it was filed in the office of the County Clerk. A new Fictitious Business Name Statement must be filed prior to that date. The filing of this statement does not of itself authorize the use in this state of a Fictitious Business Name in violation of the rights of another under Federal, State, or common law (See section 14411 et seq. Business and Professions Code)Publish: Mountain Views News

Dates Pub: March 29, April 5, 12, 19, 2014

FICTITIOUS BUSINESS NAME STATEMENT File No. 2014-079669

The following person(s) is (are) doing business as: SPENCER'S WINDOW CLEANING, 6043 PREMIERE AVE., LAKEWOOD, CA 90712. Full name of registrant(s) is (are) SPENCER D. FITCHES, 6043 PREMIERE AVE., LAKEWOOD, CA 90712. This Business is conducted by: AN INDIVIDUAL. Signed: SPENCER D. FITCHES.

This statement was filed with the County Clerk of Los Angeles County on 03/25/2014. The registrant(s) has (have) commenced to transact business under the fictitious business name or names listed above on N/A.

NOTICE- This Fictitious Name Statement expires five years from the date it was filed in the office of the County Clerk. A new Fictitious Business Name Statement must be filed prior to that date. The filing of this statement does not of itself authorize the use in this state of a Fictitious Business Name in violation of the rights of another under Federal, State, or common law (See section 14411 et seq. Business and Professions Code)Publish: Mountain Views News

Dates Pub: March 29, April 5, 12, 19, 2014

FICTITIOUS BUSINESS NAME STATEMENT File No. 2014-080315

The following person(s) is (are) doing business as: SPORTING FASHION, 1700 S. SANTA FE AVE. #213, LA, CA 90021. Full name of registrant(s) is (are) MOSES GERTRUDIS, 1700 S. SANTA FE AVE. #213, LA, CA 90021. This Business is conducted by: AN INDIVIDUAL. Signed: MOSES GERTRUDIS.

This statement was filed with the County Clerk of Los Angeles County on 03/25/2014. The registrant(s) has (have) commenced to transact business under the fictitious business name or names listed above on N/A.

NOTICE- This Fictitious Name Statement expires five years from the date it was filed in the office of the County Clerk. A new Fictitious Business Name Statement must be filed prior to that date. The filing of this statement does not of itself authorize the use in this state of a Fictitious Business Name in violation of the rights of another under Federal, State, or common law (See section 14411 et seq. Business and Professions Code)Publish: Mountain Views News

Dates Pub: March 29, April 5, 12, 19, 2014

FICTITIOUS BUSINESS NAME STATEMENT File No. 2014-081033

The following person(s) is (are) doing business as: STRATEGIC AEROSPACE INTL, 4972 HERITAGE DR., CHINO HILLS, CA 91709. Full name of registrant(s) is (are) DARRELL ANDERSON, 4972 HERITAGE DR., CHINO HILLS, CA 91709. This Business is conducted by: AN INDIVIDUAL. Signed: DARRELL ANDERSON.

This statement was filed with the County Clerk of Los Angeles County on 03/25/2014. The registrant(s) has (have) commenced to transact business under the fictitious business name or names listed above on N/A.

NOTICE- This Fictitious Name Statement expires five years from the date it was filed in the office of the County Clerk. A new Fictitious Business Name Statement must be filed prior to that date. The filing of this statement does not of itself authorize the use in this state of a Fictitious Business Name in violation of the rights of another under Federal, State, or common law (See section 14411 et seq. Business and Professions Code)Publish: Mountain Views News

Dates Pub: March 29, April 5, 12, 19, 2014

name or names listed above on N/A. NOTICE- This Fictitious Name Statement expires five years from the date it was filed in the office of the County Clerk. A new Fictitious Business Name Statement must be filed prior to that date. The filing of this statement does not of itself authorize the use in this state of a Fictitious Business Name in violation of the rights of another under Federal, State, or common law (See section 14411 et seq. Business and Professions Code)Publish: Mountain Views News
Dates Pub: March 29, April 5, 12, 19, 2014

FICTITIOUS BUSINESS NAME STATEMENT File No. 2014-078794

The following person(s) is (are) doing business as: SUPERB HOODS, 16950 BLOOMFIELD ST., LOS ALAMITOS, CA 90720. Full name of registrant(s) is (are) ZEF - HOWS, LLC, 3019 E. HUNTINGTON DR., PASADENA, CA 91107. This Business is conducted by: A LIMITED LIABILITY COMPANY. Signed: STEVEN E. SINCLAIR.

This statement was filed with the County Clerk of Los Angeles County on 03/25/2014. The registrant(s) has (have) commenced to transact business under the fictitious business name or names listed above on N/A.

NOTICE- This Fictitious Name Statement expires five years from the date it was filed in the office of the County Clerk. A new Fictitious Business Name Statement must be filed prior to that date. The filing of this statement does not of itself authorize the use in this state of a Fictitious Business Name in violation of the rights of another under Federal, State, or common law (See section 14411 et seq. Business and Professions Code)Publish: Mountain Views News

Dates Pub: March 29, April 5, 12, 19, 2014

FICTITIOUS BUSINESS NAME STATEMENT File No. 2014-080688

The following person(s) is (are) doing business as: TOFUBOSOM, 8128 E. FLORENCE AVE., LA, CA 90001. Full name of registrant(s) is (are) WINCESLAO CEJA, 2705 EDGEWATER LN., VALENCIA, CA 91355. This Business is conducted by: AN INDIVIDUAL. Signed: WINCESLAO CEJA.

This statement was filed with the County Clerk of Los Angeles County on 03/25/2014. The registrant(s) has (have) commenced to transact business under the fictitious business name or names listed above on N/A.

NOTICE- This Fictitious Name Statement expires five years from the date it was filed in the office of the County Clerk. A new Fictitious Business Name Statement must be filed prior to that date. The filing of this statement does not of itself authorize the use in this state of a Fictitious Business Name in violation of the rights of another under Federal, State, or common law (See section 14411 et seq. Business and Professions Code)Publish: Mountain Views News

Dates Pub: March 29, April 5, 12, 19, 2014

FICTITIOUS BUSINESS NAME STATEMENT File No. 2014-081729

The following person(s) is (are) doing business as: T&C HANDYMAN, 1804 N. GRANDEE AVE., COMPTON, CA 90222. Full name of registrant(s) is (are) TONY JR CUEVAS, 1804 N. GRANDEE AVE., COMPTON, CA 90222. This Business is conducted by: AN INDIVIDUAL. Signed: TONY JR CUEVAS.

This statement was filed with the County Clerk of Los Angeles County on 03/25/2014. The registrant(s) has (have) commenced to transact business under the fictitious business name or names listed above on N/A.

NOTICE- This Fictitious Name Statement expires five years from the date it was filed in the office of the County Clerk. A new Fictitious Business Name Statement must be filed prior to that date. The filing of this statement does not of itself authorize the use in this state of a Fictitious Business Name in violation of the rights of another under Federal, State, or common law (See section 14411 et seq. Business and Professions Code)Publish: Mountain Views News

Dates Pub: March 29, April 5, 12, 19, 2014

FICTITIOUS BUSINESS NAME STATEMENT File No. 2014-079891

The following person(s) is (are) doing business as: THE ART GROUP, 13906 FAIRFORD AVE., NORWALK, CA 90650. Full name of registrant(s) is (are) ARTURO GUTIERREZ, 13906 FAIRFORD AVE., NORWALK, CA 90650. This Business is conducted by: AN INDIVIDUAL. Signed: ARTURO GUTIERREZ.

This statement was filed with the County Clerk of Los Angeles County on 03/25/2014. The registrant(s) has (have) commenced to transact business under the fictitious business name or names listed above on N/A.

NOTICE- This Fictitious Name Statement expires five years from the date it was filed in the office of the County Clerk. A new Fictitious Business Name Statement must be filed prior to that date. The filing of this statement does not of itself authorize the use in this state of a Fictitious Business Name in violation of the rights of another under Federal, State, or common law (See section 14411 et seq. Business and Professions Code)Publish: Mountain Views News

Dates Pub: March 29, April 5, 12, 19, 2014

FICTITIOUS BUSINESS NAME STATEMENT File No. 2014-081373

The following person(s) is (are) doing business as: TODAY RECYCLING CENTERS, 2801 MAGNOLIA AVE #12, LONG BEACH, CA 90806. Full name of registrant(s) is (are) LUIS F. GUTIERREZ, 2801 MAGNOLIA AVE #12, LONG BEACH, CA 90806. This Business is conducted by: AN INDIVIDUAL. Signed: LUIS F. GUTIERREZ.

This statement was filed with the County Clerk of Los Angeles County on 03/25/2014. The registrant(s) has (have) commenced to transact business under the fictitious business name or names listed above on N/A.

NOTICE- This Fictitious Name Statement expires five years from the date it was filed in the office of the County Clerk. A new Fictitious Business Name Statement must be filed prior to that date. The filing of this statement does not of itself authorize the use in this state of a Fictitious Business Name in violation of the rights of another under Federal, State, or common law (See section 14411 et seq. Business and Professions Code)Publish: Mountain Views News

Dates Pub: March 29, April 5, 12, 19, 2014

FICTITIOUS BUSINESS NAME STATEMENT File No. 2014-080027

The following person(s) is (are) doing business as: UNITED INDIGENOUS PEOPLE CONSULATE GENERAL ASIA PACIFIC, 11246 FLORENCE AVE., POMONA, CA 91766. Full name of registrant(s) is (are) DONALD ZHONNEAU, 11246 FLORENCE AVE., POMONA, CA 91766. This Business is conducted by: A GENERAL PARTNERSHIP. Signed: DONALD ZHONNEAU.

This statement was filed with the County Clerk of Los Angeles County on 03/25/2014. The registrant(s) has (have) commenced to transact business under the fictitious business name or names listed above on N/A.

NOTICE- This Fictitious Name Statement expires five years from the date it was filed in the office of the County Clerk. A new Fictitious Business Name Statement must be filed prior to that date. The filing of this statement does not of itself authorize the use in this state of a Fictitious Business Name in violation of the rights of another under Federal, State, or common law (See section 14411 et seq. Business and Professions Code)Publish: Mountain Views News

Dates Pub: March 29, April 5, 12, 19, 2014

FICTITIOUS BUSINESS NAME STATEMENT File No. 2014-081055

The following person(s) is (are) doing business as: CHRISTOPHER'S HOME, 9327 S. 9TH AVE., INGLEWOOD, CA 90305. Full name of registrant(s) is (are) CHRISTOPHER RONNIE MCCORD, 9327 S. 9TH AVE., INGLEWOOD, CA 90305. This Business is conducted by: AN INDIVIDUAL. Signed: CHRISTOPHER RONNIE MCCORD.

This statement was filed with the County Clerk of Los Angeles County on 03/25/2014. The registrant(s) has (have) commenced to transact business under the fictitious business name or names listed above on N/A.

NOTICE- This Fictitious Name Statement expires five years from the date it was filed in the office of the County Clerk. A new Fictitious Business Name Statement must be filed prior to that date. The filing of this statement does not of itself authorize the use in this state of a Fictitious Business Name in violation of the rights of another under Federal, State, or common law (See section 14411 et seq. Business and Professions Code)Publish: Mountain Views News

Dates Pub: March 29, April 5, 12, 19, 2014

FICTITIOUS BUSINESS NAME STATEMENT File No. 2014-079907

The following person(s) is (are) doing business as: US HERBS, 12801 CRENSHAW BLVD. #101A, HAWTHORNE, CA 90250. Full name of registrant(s) is (are) SOPHAN AMRIEH, 5335 NEWTON DR. #6, LA, CA 90057. This Business is conducted by: AN INDIVIDUAL. Signed: SOPHAN AMRIEH.

This statement was filed with the County Clerk of Los Angeles County on 03/25/2014. The registrant(s) has (have) commenced to transact business under the fictitious business name or names listed above on N/A.

NOTICE- This Fictitious Name Statement expires five years from the date it was filed in the office of the County Clerk. A new Fictitious Business Name Statement must be filed prior to that date. The filing of this statement does not of itself authorize the use in this state of a Fictitious Business Name in violation of the rights of another under Federal, State, or common law (See section 14411 et seq. Business and Professions Code)Publish: Mountain Views News

Dates Pub: March 29, April 5, 12, 19, 2014

FICTITIOUS BUSINESS NAME STATEMENT File No. 2014-081085

The following person(s) is (are) doing business as: VIETMART, 3830 S. HILL ST., LA, CA 90037. Full name of registrant(s) is (are) NGUYEN CUONG, 3830 S. HILL ST., LA, CA 90037. This Business is conducted by: A CORPORATION. Signed: MANSOUCHER NOORMAHOUD.

This statement was filed with the County Clerk of Los Angeles County on 03/25/2014. The registrant(s) has (have) commenced to transact business under the fictitious business name or names listed above on N/A.

NOTICE- This Fictitious Name Statement expires five years from the date it was filed in the office of the County Clerk. A new Fictitious Business Name Statement must be filed prior to that date. The filing of this statement does not of itself authorize the use in this state of a Fictitious Business Name in violation of the rights of another under Federal, State, or common law (See section 14411 et seq. Business and Professions Code)Publish: Mountain Views News

Dates Pub: March 29, April 5, 12, 19, 2014

FICTITIOUS BUSINESS NAME STATEMENT File No. 2014-079479

The following person(s) is (are) doing business as: WATCH TOWER SECURITY, 9452 CARBON DR., PICO RIVERA, CA 90660. Full name of registrant(s) is (are) NESTOR DURAN, 9452 CARBON DR., PICO RIVERA, CA 90660. This Business is conducted by: AN INDIVIDUAL. Signed: NESTOR DURAN.

This statement was filed with the County Clerk of Los Angeles County on 03/25/2014. The registrant(s) has (have) commenced to transact business under the fictitious business name or names listed above on N/A.

NOTICE- This Fictitious Name Statement expires five years from the date it was filed in the office of the County Clerk. A new Fictitious Business Name Statement must be filed prior to that date. The filing of this statement does not of itself authorize the use in this state of a Fictitious Business Name in violation of the rights of another under Federal, State, or common law (See section 14411 et seq. Business and Professions Code)Publish: Mountain Views News

Dates Pub: March 29, April 5, 12, 19, 2014
